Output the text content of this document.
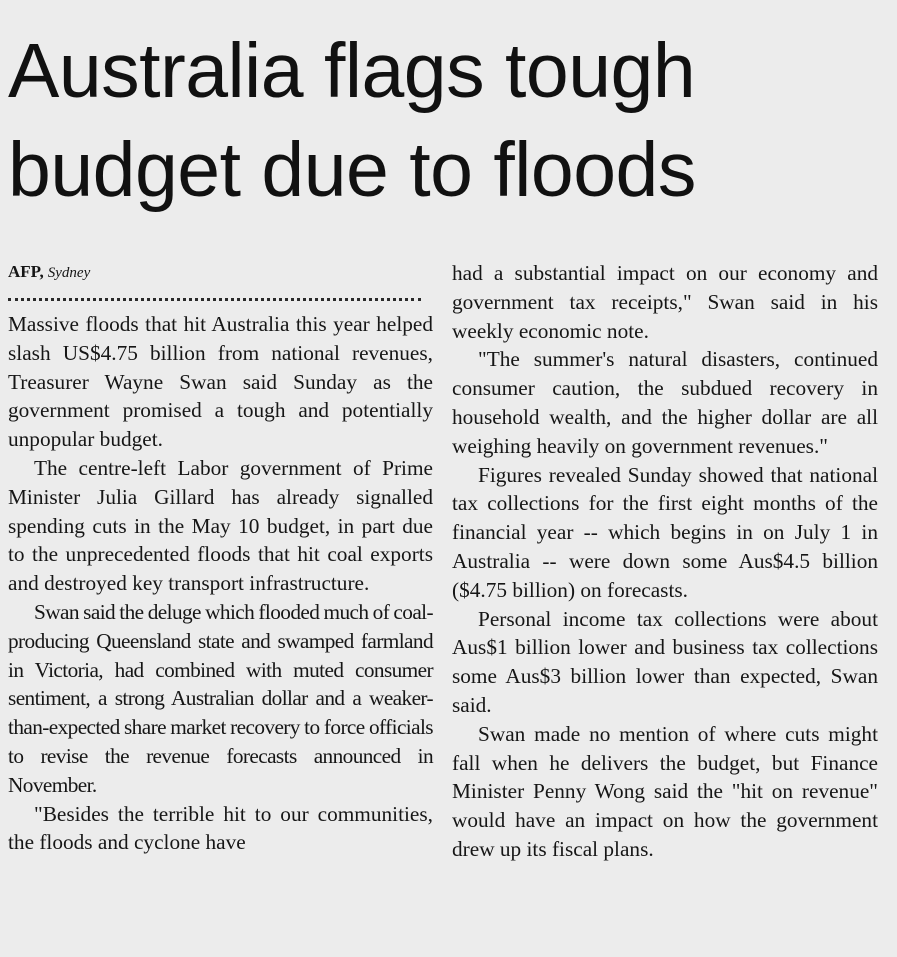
Australia flags tough
budget due to floods
AFP, Sydney

Massive floods that hit Australia this year helped slash US$4.75 billion from national revenues, Treasurer Wayne Swan said Sunday as the government promised a tough and potentially unpopular budget.

The centre-left Labor government of Prime Minister Julia Gillard has already signalled spending cuts in the May 10 budget, in part due to the unprecedented floods that hit coal exports and destroyed key transport infrastructure.

Swan said the deluge which flooded much of coal-producing Queensland state and swamped farmland in Victoria, had combined with muted consumer sentiment, a strong Australian dollar and a weaker-than-expected share market recovery to force officials to revise the revenue forecasts announced in November.

"Besides the terrible hit to our communities, the floods and cyclone have

had a substantial impact on our economy and government tax receipts," Swan said in his weekly economic note.

"The summer's natural disasters, continued consumer caution, the subdued recovery in household wealth, and the higher dollar are all weighing heavily on government revenues."

Figures revealed Sunday showed that national tax collections for the first eight months of the financial year -- which begins in on July 1 in Australia -- were down some Aus$4.5 billion ($4.75 billion) on forecasts.

Personal income tax collections were about Aus$1 billion lower and business tax collections some Aus$3 billion lower than expected, Swan said.

Swan made no mention of where cuts might fall when he delivers the budget, but Finance Minister Penny Wong said the "hit on revenue" would have an impact on how the government drew up its fiscal plans.
